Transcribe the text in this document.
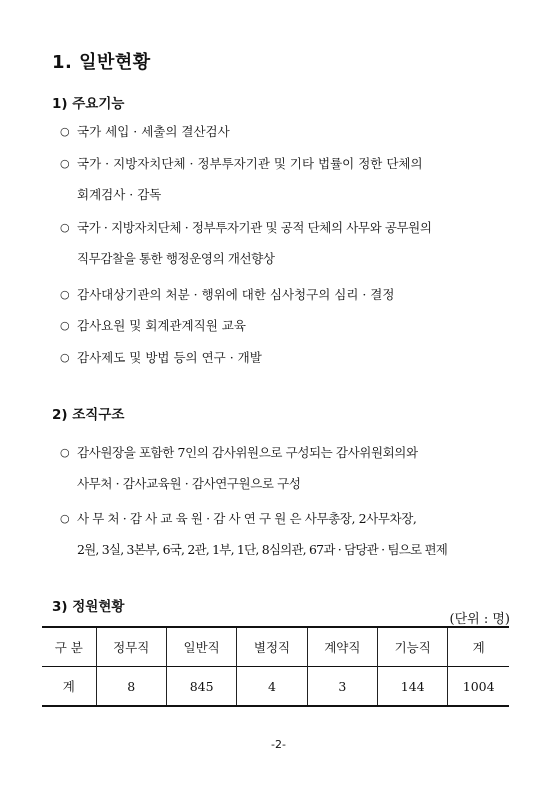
1. 일반현황
1) 주요기능
○ 국가 세입 · 세출의 결산검사
○ 국가 · 지방자치단체 · 정부투자기관 및 기타 법률이 정한 단체의
회계검사 · 감독
○ 국가 · 지방자치단체 · 정부투자기관 및 공적 단체의 사무와 공무원의
직무감찰을 통한 행정운영의 개선향상
○ 감사대상기관의 처분 · 행위에 대한 심사청구의 심리 · 결정
○ 감사요원 및 회계관계직원 교육
○ 감사제도 및 방법 등의 연구 · 개발
2) 조직구조
○ 감사원장을 포함한 7인의 감사위원으로 구성되는 감사위원회의와
사무처 · 감사교육원 · 감사연구원으로 구성
○ 사 무 처 · 감 사 교 육 원 · 감 사 연 구 원 은 사무총장, 2사무차장,
2원, 3실, 3본부, 6국, 2관, 1부, 1단, 8심의관, 67과 · 담당관 · 팀으로 편제
3) 정원현황
(단위 : 명)
구 분	정무직	일반직	별정직	계약직	기능직	계
계	8	845	4	3	144	1004
-2-
